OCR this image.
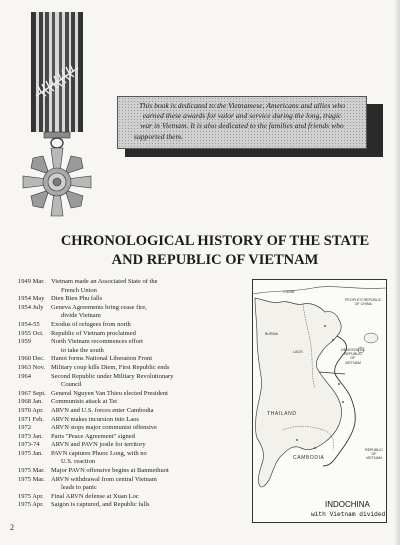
This book is dedicated to the Vietnamese, Americans and allies who
earned these awards for valor and service during the long, tragic
war in Vietnam. It is also dedicated to the families and friends who
supported them.
CHRONOLOGICAL HISTORY OF THE STATE
AND REPUBLIC OF VIETNAM
1949 Mar. Vietnam made an Associated State of the
French Union
1954 May Dien Bien Phu falls
1954 July Geneva Agreements bring cease fire,
divide Vietnam
1954-55 Exodus of refugees from north
1955 Oct. Republic of Vietnam proclaimed
1959	North Vietnam recommences effort
to take the south
1960 Dec. Hanoi forms National Liberation Front
1963 Nov. Military coup kills Diem, First Republic ends
1964	Second Republic under Military Revolutionary
Council
1967 Sept. General Nguyen Van Thieu elected President
1968 Jan. Communists attack at Tet
1970 Apr. ARVN and U.S. forces enter Cambodia
1971 Feb. ARVN makes incursion into Laos
1972	ARVN stops major communist offensive
1973 Jan. Paris "Peace Agreement" signed
1973-74 ARVN and PAVN jostle for territory
1975 Jan. PAVN captures Phuoc Long, with no
U.S. reaction
1975 Mar. Major PAVN offensive begins at Banmethuot
1975 Mar. ARVN withdrawal from central Vietnam
leads to panic
1975 Apr. Final ARVN defense at Xuan Loc
1975 Apr. Saigon is captured, and Republic falls
CHINA
PEOPLE'S REPUBLIC
OF CHINA
BURMA
LAOS	DEMOCRATIC
REPUBLIC
OF
VIETNAM
THAILAND
CAMBODIA
REPUBLIC
OF
VIETNAM
INDOCHINA
with Vietnam divided
2
